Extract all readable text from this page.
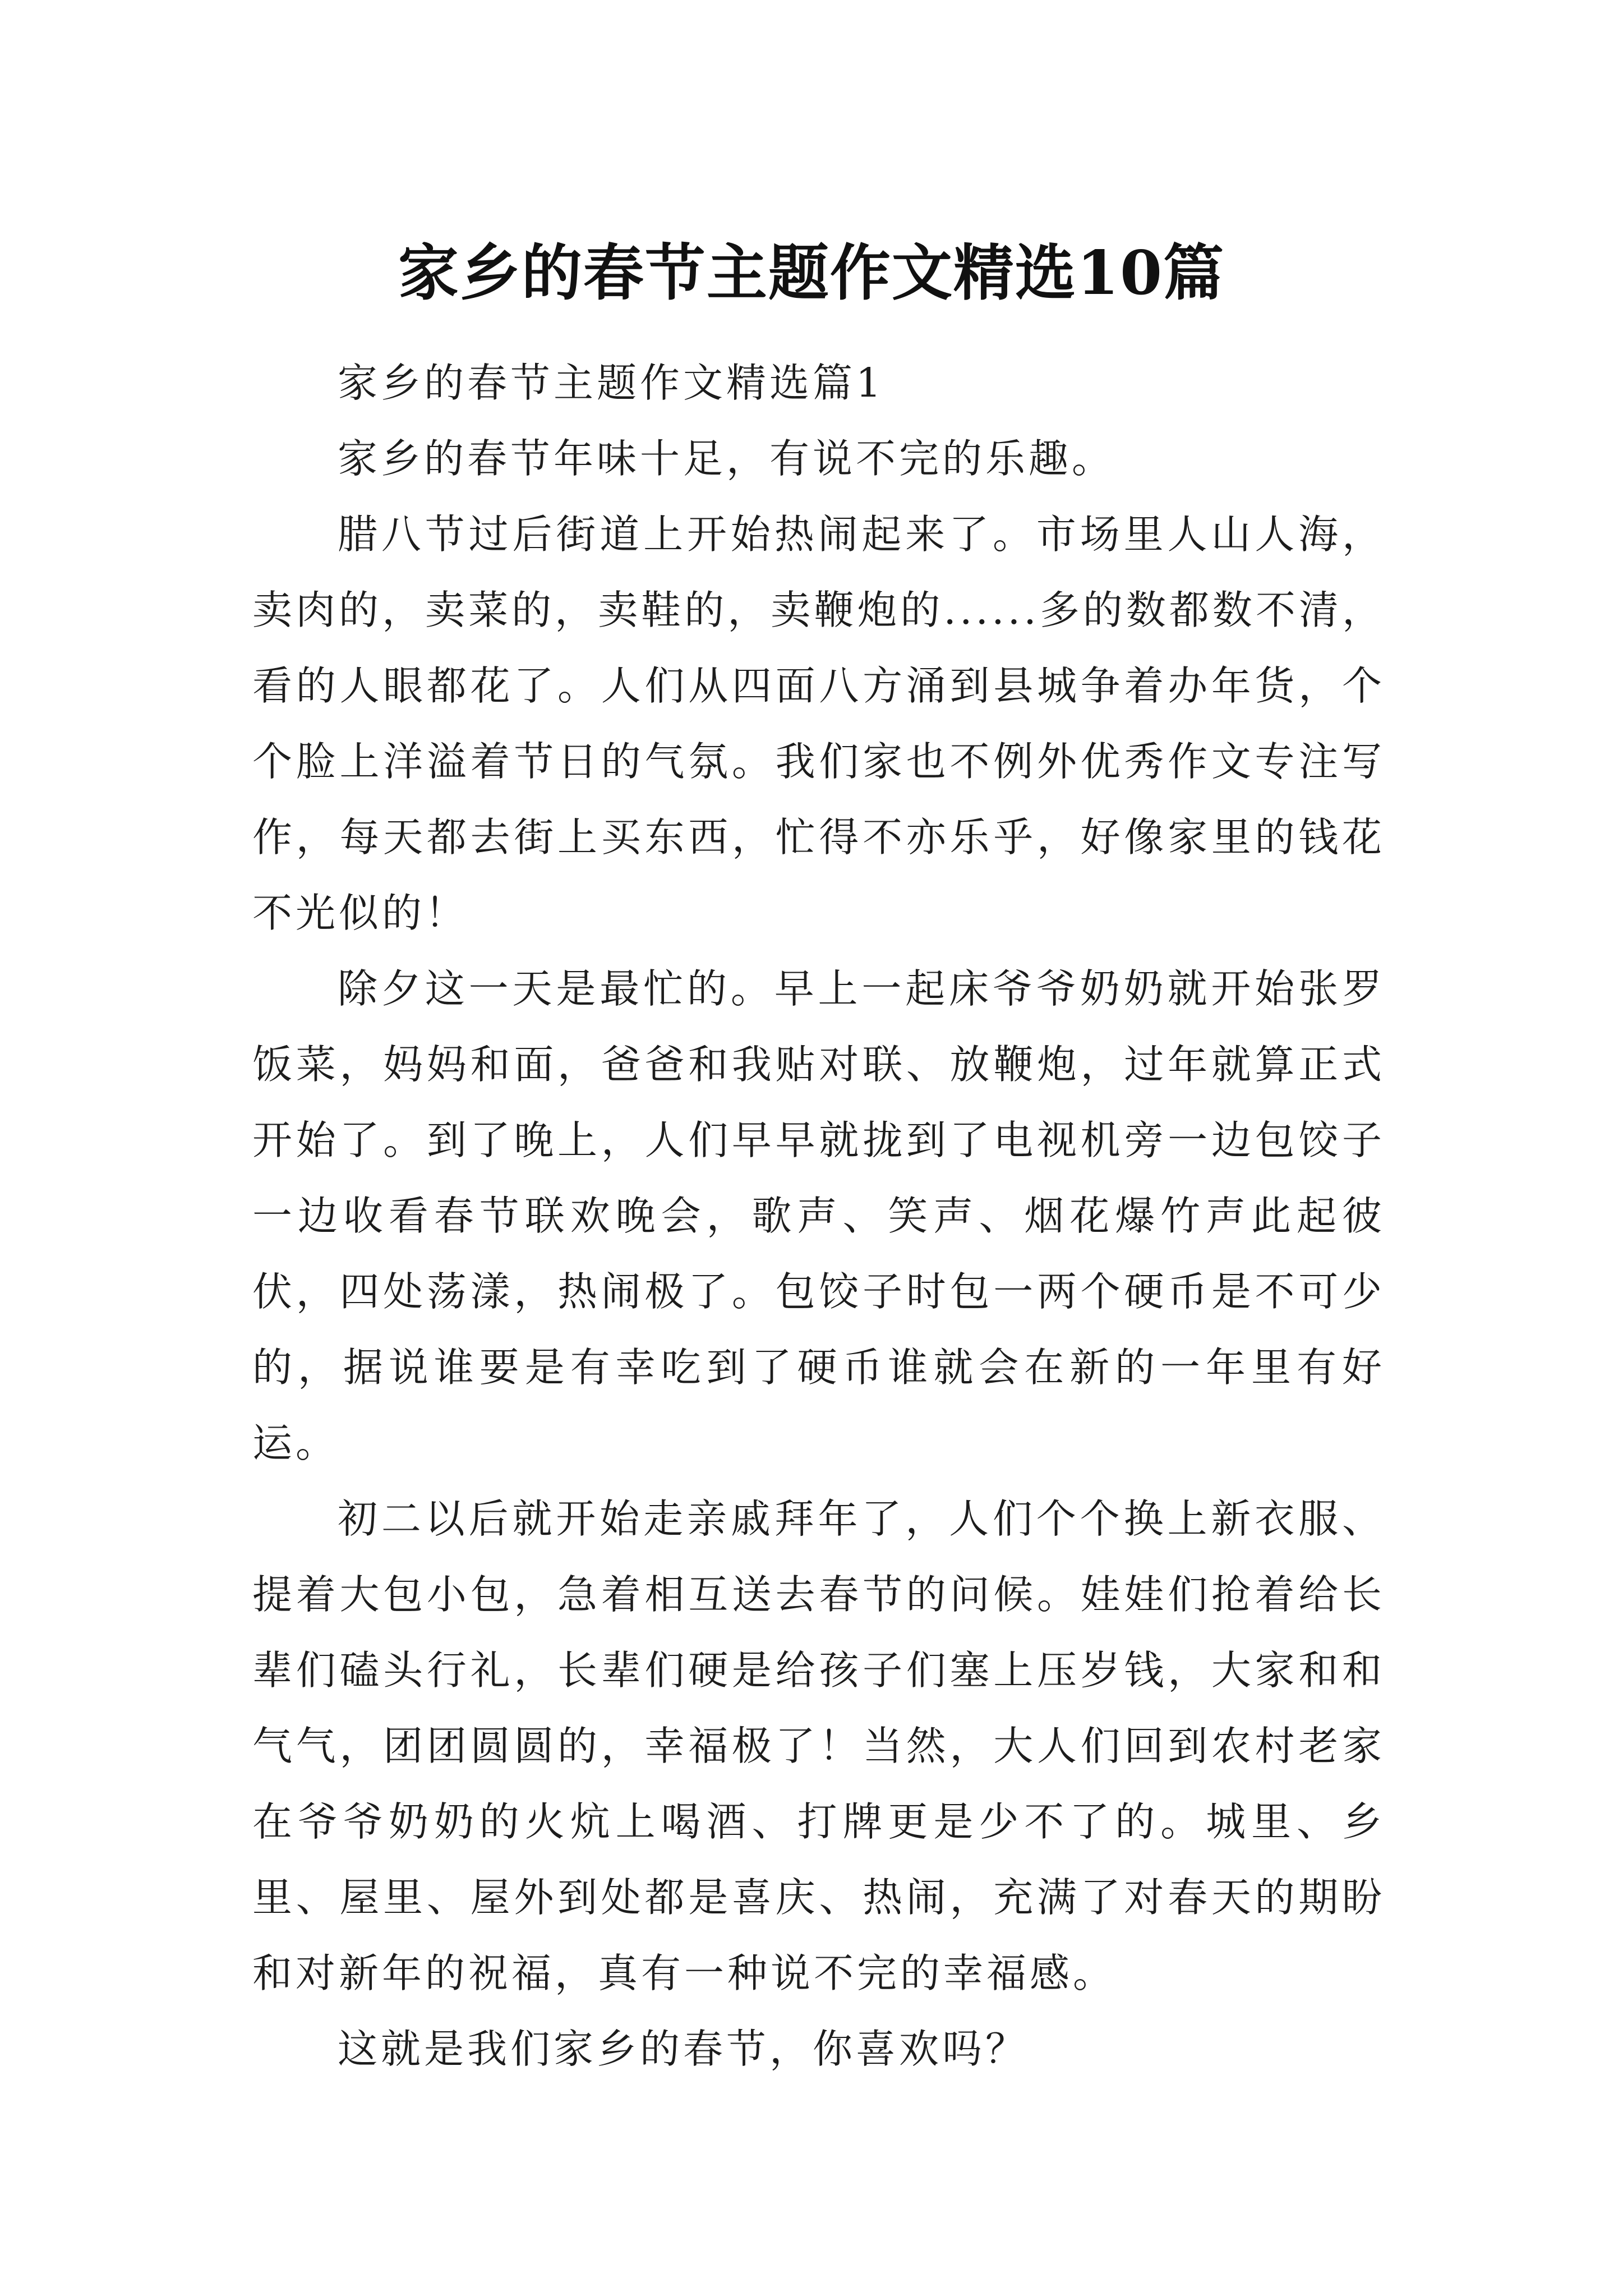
家乡的春节主题作文精选10篇

家乡的春节主题作文精选篇1

家乡的春节年味十足，有说不完的乐趣。

腊八节过后街道上开始热闹起来了。市场里人山人海，卖肉的，卖菜的，卖鞋的，卖鞭炮的......多的数都数不清，看的人眼都花了。人们从四面八方涌到县城争着办年货，个个脸上洋溢着节日的气氛。我们家也不例外优秀作文专注写作，每天都去街上买东西，忙得不亦乐乎，好像家里的钱花不光似的！

除夕这一天是最忙的。早上一起床爷爷奶奶就开始张罗饭菜，妈妈和面，爸爸和我贴对联、放鞭炮，过年就算正式开始了。到了晚上，人们早早就拢到了电视机旁一边包饺子一边收看春节联欢晚会，歌声、笑声、烟花爆竹声此起彼伏，四处荡漾，热闹极了。包饺子时包一两个硬币是不可少的，据说谁要是有幸吃到了硬币谁就会在新的一年里有好运。

初二以后就开始走亲戚拜年了，人们个个换上新衣服、提着大包小包，急着相互送去春节的问候。娃娃们抢着给长辈们磕头行礼，长辈们硬是给孩子们塞上压岁钱，大家和和气气，团团圆圆的，幸福极了！当然，大人们回到农村老家在爷爷奶奶的火炕上喝酒、打牌更是少不了的。城里、乡里、屋里、屋外到处都是喜庆、热闹，充满了对春天的期盼和对新年的祝福，真有一种说不完的幸福感。

这就是我们家乡的春节，你喜欢吗？
